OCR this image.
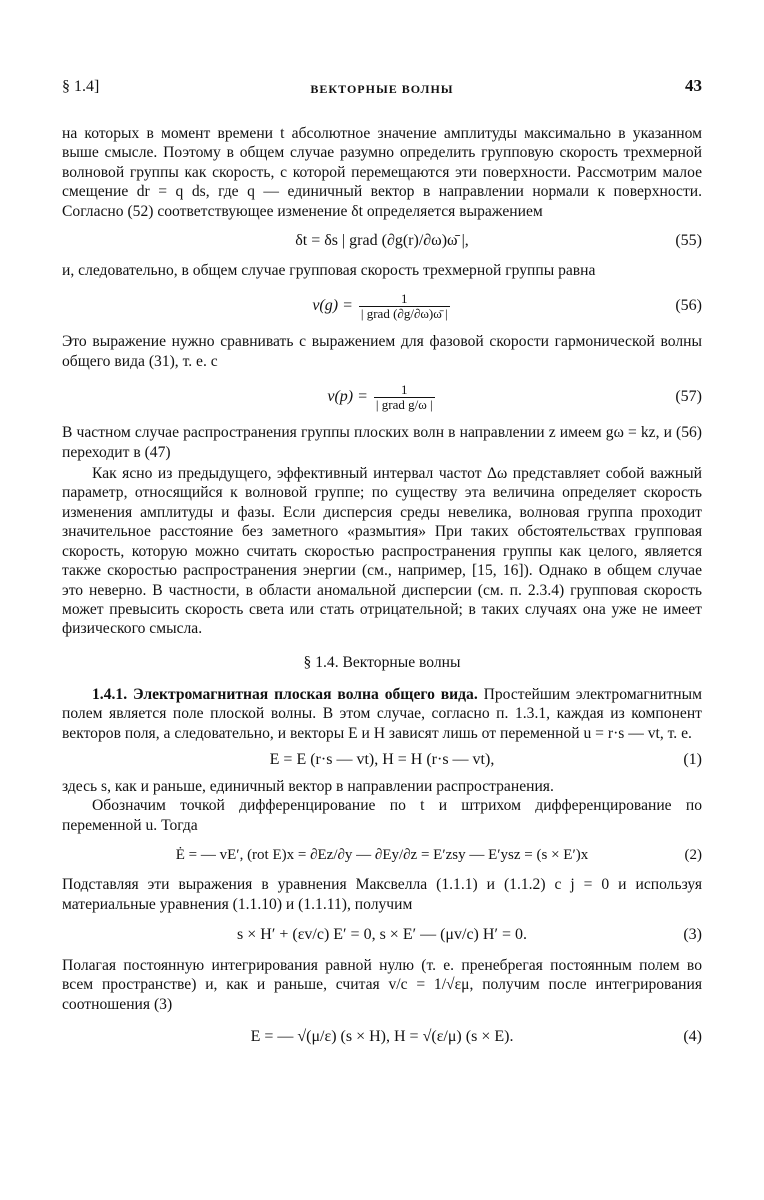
§ 1.4]	ВЕКТОРНЫЕ ВОЛНЫ	43

на которых в момент времени t абсолютное значение амплитуды максимально в указанном выше смысле. Поэтому в общем случае разумно определить групповую скорость трехмерной волновой группы как скорость, с которой перемещаются эти поверхности. Рассмотрим малое смещение dr = q ds, где q — единичный вектор в направлении нормали к поверхности. Согласно (52) соответствующее изменение δt определяется выражением

δt = δs | grad (∂g(r)/∂ω)ω̄ |,	(55)

и, следовательно, в общем случае групповая скорость трехмерной группы равна

$v(g) = \frac{1}{\text{| grad (∂g/∂ω)ω̄ |}}$	(56)

Это выражение нужно сравнивать с выражением для фазовой скорости гармонической волны общего вида (31), т. е. с

$v(p) = \frac{1}{\text{| grad g/ω |}}$	(57)

В частном случае распространения группы плоских волн в направлении z имеем gω = kz, и (56) переходит в (47)

Как ясно из предыдущего, эффективный интервал частот Δω представляет собой важный параметр, относящийся к волновой группе; по существу эта величина определяет скорость изменения амплитуды и фазы. Если дисперсия среды невелика, волновая группа проходит значительное расстояние без заметного «размытия» При таких обстоятельствах групповая скорость, которую можно считать скоростью распространения группы как целого, является также скоростью распространения энергии (см., например, [15, 16]). Однако в общем случае это неверно. В частности, в области аномальной дисперсии (см. п. 2.3.4) групповая скорость может превысить скорость света или стать отрицательной; в таких случаях она уже не имеет физического смысла.

§ 1.4. Векторные волны

1.4.1. Электромагнитная плоская волна общего вида. Простейшим электромагнитным полем является поле плоской волны. В этом случае, согласно п. 1.3.1, каждая из компонент векторов поля, а следовательно, и векторы E и H зависят лишь от переменной u = r·s — vt, т. е.

E = E (r·s — vt), H = H (r·s — vt),	(1)

здесь s, как и раньше, единичный вектор в направлении распространения.

Обозначим точкой дифференцирование по t и штрихом дифференцирование по переменной u. Тогда

Ė = — vE′, (rot E)x = ∂Ez/∂y — ∂Ey/∂z = E′zsy — E′ysz = (s × E′)x	(2)

Подставляя эти выражения в уравнения Максвелла (1.1.1) и (1.1.2) с j = 0 и используя материальные уравнения (1.1.10) и (1.1.11), получим

s × H′ + (εv/c) E′ = 0, s × E′ — (μv/c) H′ = 0.	(3)

Полагая постоянную интегрирования равной нулю (т. е. пренебрегая постоянным полем во всем пространстве) и, как и раньше, считая v/c = 1/√εμ, получим после интегрирования соотношения (3)

E = — √(μ/ε) (s × H), H = √(ε/μ) (s × E).	(4)
